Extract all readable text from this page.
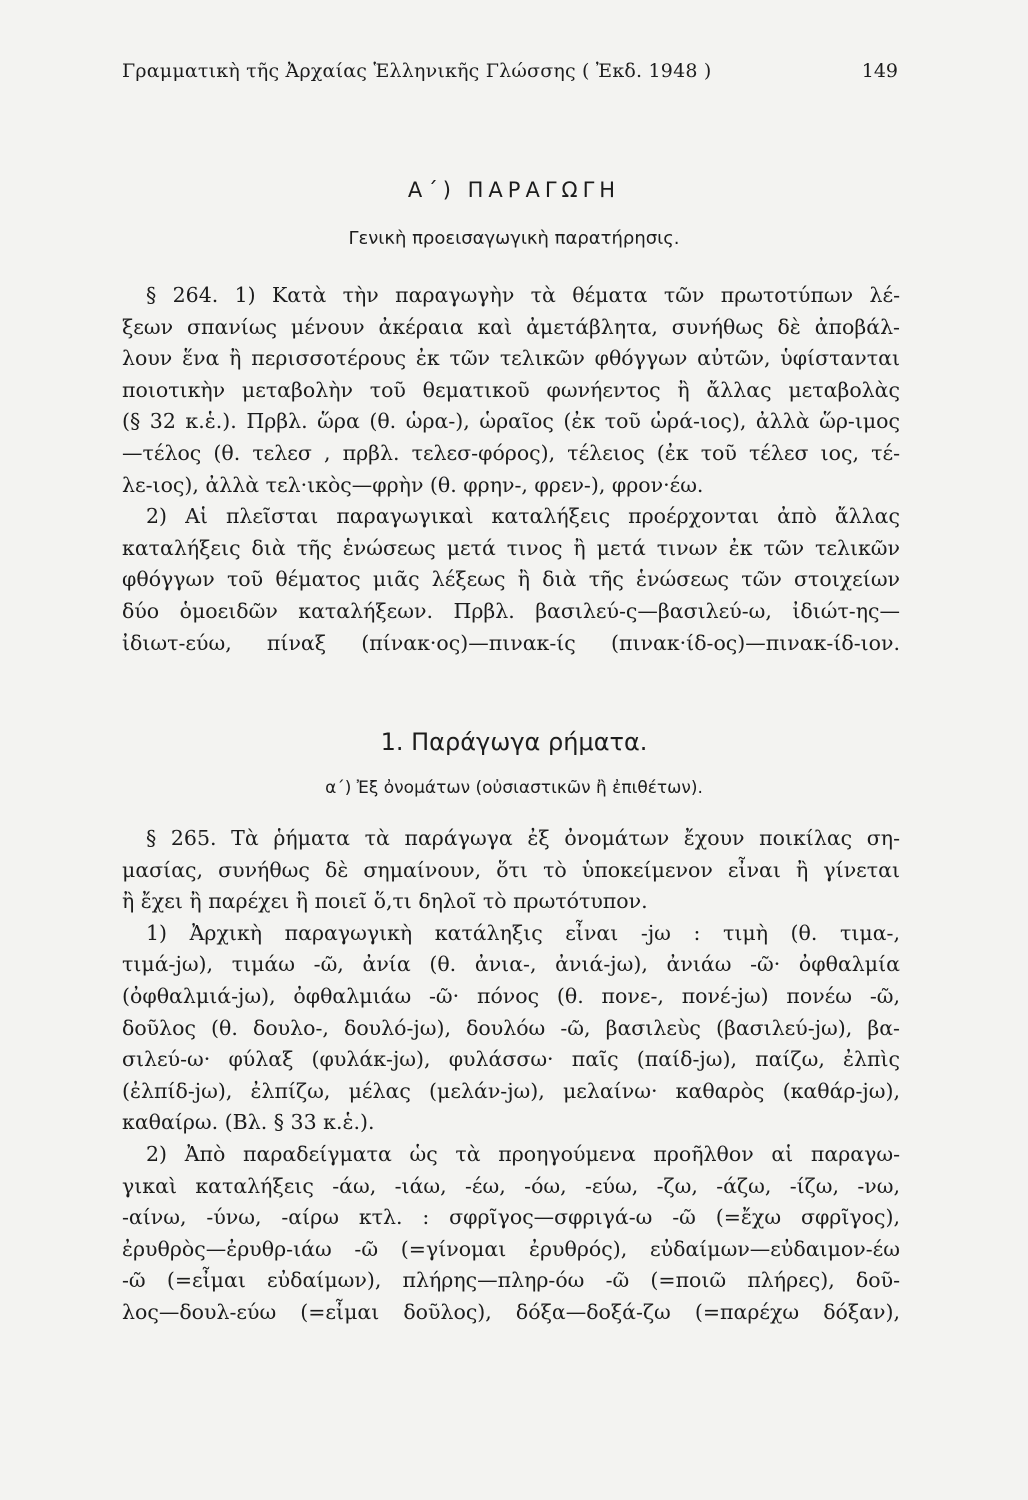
Γραμματικὴ τῆς Ἀρχαίας Ἑλληνικῆς Γλώσσης ( Ἐκδ. 1948 )	149
Α΄) ΠΑΡΑΓΩΓΗ
Γενικὴ προεισαγωγικὴ παρατήρησις.
§ 264. 1) Κατὰ τὴν παραγωγὴν τὰ θέματα τῶν πρωτοτύπων λέ-
ξεων σπανίως μένουν ἀκέραια καὶ ἀμετάβλητα, συνήθως δὲ ἀποβάλ-
λουν ἕνα ἢ περισσοτέρους ἐκ τῶν τελικῶν φθόγγων αὐτῶν, ὑφίστανται
ποιοτικὴν μεταβολὴν τοῦ θεματικοῦ φωνήεντος ἢ ἄλλας μεταβολὰς
(§ 32 κ.ἑ.). Πρβλ. ὥρα (θ. ὡρα-), ὡραῖος (ἐκ τοῦ ὡρά-ιος), ἀλλὰ ὥρ-ιμος
—τέλος (θ. τελεσ , πρβλ. τελεσ-φόρος), τέλειος (ἐκ τοῦ τέλεσ ιος, τέ-
λε-ιος), ἀλλὰ τελ·ικὸς—φρὴν (θ. φρην-, φρεν-), φρον·έω.
2) Αἱ πλεῖσται παραγωγικαὶ καταλήξεις προέρχονται ἀπὸ ἄλλας
καταλήξεις διὰ τῆς ἑνώσεως μετά τινος ἢ μετά τινων ἐκ τῶν τελικῶν
φθόγγων τοῦ θέματος μιᾶς λέξεως ἢ διὰ τῆς ἑνώσεως τῶν στοιχείων
δύο ὁμοειδῶν καταλήξεων. Πρβλ. βασιλεύ-ς—βασιλεύ-ω, ἰδιώτ-ης—
ἰδιωτ-εύω, πίναξ (πίνακ·ος)—πινακ-ίς (πινακ·ίδ-ος)—πινακ-ίδ-ιον.
1. Παράγωγα ρήματα.
α΄) Ἐξ ὀνομάτων (οὐσιαστικῶν ἢ ἐπιθέτων).
§ 265. Τὰ ῥήματα τὰ παράγωγα ἐξ ὀνομάτων ἔχουν ποικίλας ση-
μασίας, συνήθως δὲ σημαίνουν, ὅτι τὸ ὑποκείμενον εἶναι ἢ γίνεται
ἢ ἔχει ἢ παρέχει ἢ ποιεῖ ὅ,τι δηλοῖ τὸ πρωτότυπον.
1) Ἀρχικὴ παραγωγικὴ κατάληξις εἶναι -jω : τιμὴ (θ. τιμα-,
τιμά-jω), τιμάω -ῶ, ἀνία (θ. ἀνια-, ἀνιά-jω), ἀνιάω -ῶ· ὀφθαλμία
(ὀφθαλμιά-jω), ὀφθαλμιάω -ῶ· πόνος (θ. πονε-, πονέ-jω) πονέω -ῶ,
δοῦλος (θ. δουλο-, δουλό-jω), δουλόω -ῶ, βασιλεὺς (βασιλεύ-jω), βα-
σιλεύ-ω· φύλαξ (φυλάκ-jω), φυλάσσω· παῖς (παίδ-jω), παίζω, ἐλπὶς
(ἐλπίδ-jω), ἐλπίζω, μέλας (μελάν-jω), μελαίνω· καθαρὸς (καθάρ-jω),
καθαίρω. (Βλ. § 33 κ.ἑ.).
2) Ἀπὸ παραδείγματα ὡς τὰ προηγούμενα προῆλθον αἱ παραγω-
γικαὶ καταλήξεις -άω, -ιάω, -έω, -όω, -εύω, -ζω, -άζω, -ίζω, -νω,
-αίνω, -ύνω, -αίρω κτλ. : σφρῖγος—σφριγά-ω -ῶ (=ἔχω σφρῖγος),
ἐρυθρὸς—ἐρυθρ-ιάω -ῶ (=γίνομαι ἐρυθρός), εὐδαίμων—εὐδαιμον-έω
-ῶ (=εἶμαι εὐδαίμων), πλήρης—πληρ-όω -ῶ (=ποιῶ πλήρες), δοῦ-
λος—δουλ-εύω (=εἶμαι δοῦλος), δόξα—δοξά-ζω (=παρέχω δόξαν),
